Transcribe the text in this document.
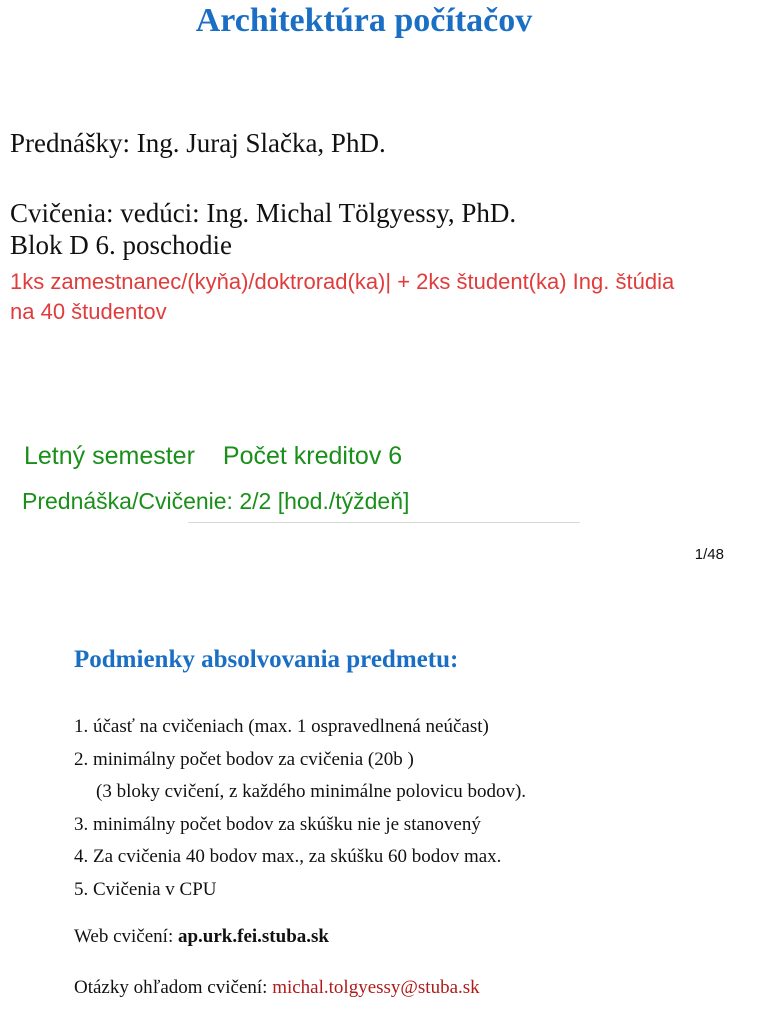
Architektúra počítačov
Prednášky: Ing. Juraj Slačka, PhD.
Cvičenia: vedúci: Ing. Michal Tölgyessy, PhD.
Blok D 6. poschodie
1ks zamestnanec/(kyňa)/doktrorad(ka)| + 2ks študent(ka) Ing. štúdia
na 40 študentov
Letný semester Počet kreditov 6
Prednáška/Cvičenie: 2/2 [hod./týždeň]
1/48
Podmienky absolvovania predmetu:
1. účasť na cvičeniach (max. 1 ospravedlnená neúčast)
2. minimálny počet bodov za cvičenia (20b )
(3 bloky cvičení, z každého minimálne polovicu bodov).
3. minimálny počet bodov za skúšku nie je stanovený
4. Za cvičenia 40 bodov max., za skúšku 60 bodov max.
5. Cvičenia v CPU
Web cvičení: ap.urk.fei.stuba.sk
Otázky ohľadom cvičení: michal.tolgyessy@stuba.sk
